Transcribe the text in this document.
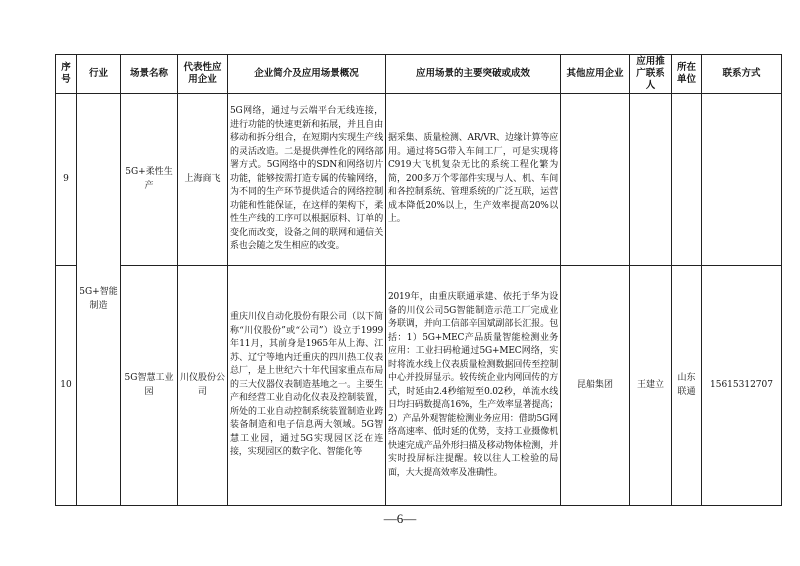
序号	行业	场景名称	代表性应用企业	企业简介及应用场景概况	应用场景的主要突破或成效	其他应用企业	应用推广联系人	所在单位	联系方式
9	5G+智能制造	5G+柔性生产	上海商飞	5G网络，通过与云端平台无线连接，进行功能的快速更新和拓展，并且自由移动和拆分组合，在短期内实现生产线的灵活改造。二是提供弹性化的网络部署方式。5G网络中的SDN和网络切片功能，能够按需打造专属的传输网络，为不同的生产环节提供适合的网络控制功能和性能保证，在这样的架构下，柔性生产线的工序可以根据原料、订单的变化而改变，设备之间的联网和通信关系也会随之发生相应的改变。	据采集、质量检测、AR/VR、边缘计算等应用。通过将5G带入车间工厂，可是实现将C919大飞机复杂无比的系统工程化繁为简，200多万个零部件实现与人、机、车间和各控制系统、管理系统的广泛互联，运营成本降低20%以上，生产效率提高20%以上。				
10		5G智慧工业园	川仪股份公司	重庆川仪自动化股份有限公司（以下简称“川仪股份”或“公司”）设立于1999年11月，其前身是1965年从上海、江苏、辽宁等地内迁重庆的四川热工仪表总厂，是上世纪六十年代国家重点布局的三大仪器仪表制造基地之一。主要生产和经营工业自动化仪表及控制装置，所处的工业自动控制系统装置制造业跨装备制造和电子信息两大领域。5G智慧工业园，通过5G实现园区泛在连接，实现园区的数字化、智能化等	2019年，由重庆联通承建、依托于华为设备的川仪公司5G智能制造示范工厂完成业务联调，并向工信部辛国斌副部长汇报。包括：1）5G+MEC产品质量智能检测业务应用：工业扫码枪通过5G+MEC网络，实时将流水线上仪表质量检测数据回传至控制中心并投屏显示。较传统企业内网回传的方式，时延由2.4秒缩短至0.02秒，单流水线日均扫码数提高16%，生产效率显著提高；2）产品外观智能检测业务应用：借助5G网络高速率、低时延的优势，支持工业摄像机快速完成产品外形扫描及移动物体检测，并实时投屏标注提醒。较以往人工检验的局面，大大提高效率及准确性。	昆船集团	王建立	山东联通	15615312707
—6—
